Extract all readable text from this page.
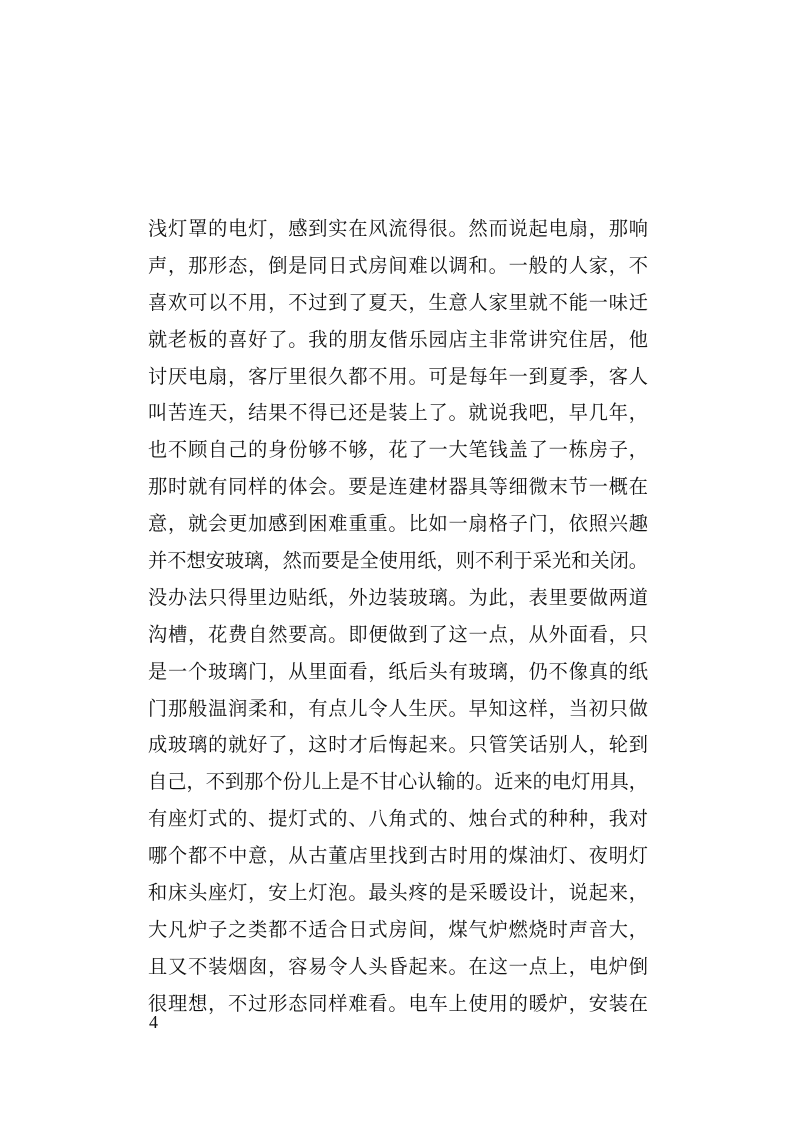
浅灯罩的电灯，感到实在风流得很。然而说起电扇，那响
声，那形态，倒是同日式房间难以调和。一般的人家，不
喜欢可以不用，不过到了夏天，生意人家里就不能一味迁
就老板的喜好了。我的朋友偕乐园店主非常讲究住居，他
讨厌电扇，客厅里很久都不用。可是每年一到夏季，客人
叫苦连天，结果不得已还是装上了。就说我吧，早几年，
也不顾自己的身份够不够，花了一大笔钱盖了一栋房子，
那时就有同样的体会。要是连建材器具等细微末节一概在
意，就会更加感到困难重重。比如一扇格子门，依照兴趣
并不想安玻璃，然而要是全使用纸，则不利于采光和关闭。
没办法只得里边贴纸，外边装玻璃。为此，表里要做两道
沟槽，花费自然要高。即便做到了这一点，从外面看，只
是一个玻璃门，从里面看，纸后头有玻璃，仍不像真的纸
门那般温润柔和，有点儿令人生厌。早知这样，当初只做
成玻璃的就好了，这时才后悔起来。只管笑话别人，轮到
自己，不到那个份儿上是不甘心认输的。近来的电灯用具，
有座灯式的、提灯式的、八角式的、烛台式的种种，我对
哪个都不中意，从古董店里找到古时用的煤油灯、夜明灯
和床头座灯，安上灯泡。最头疼的是采暖设计，说起来，
大凡炉子之类都不适合日式房间，煤气炉燃烧时声音大，
且又不装烟囱，容易令人头昏起来。在这一点上，电炉倒
很理想，不过形态同样难看。电车上使用的暖炉，安装在
4
